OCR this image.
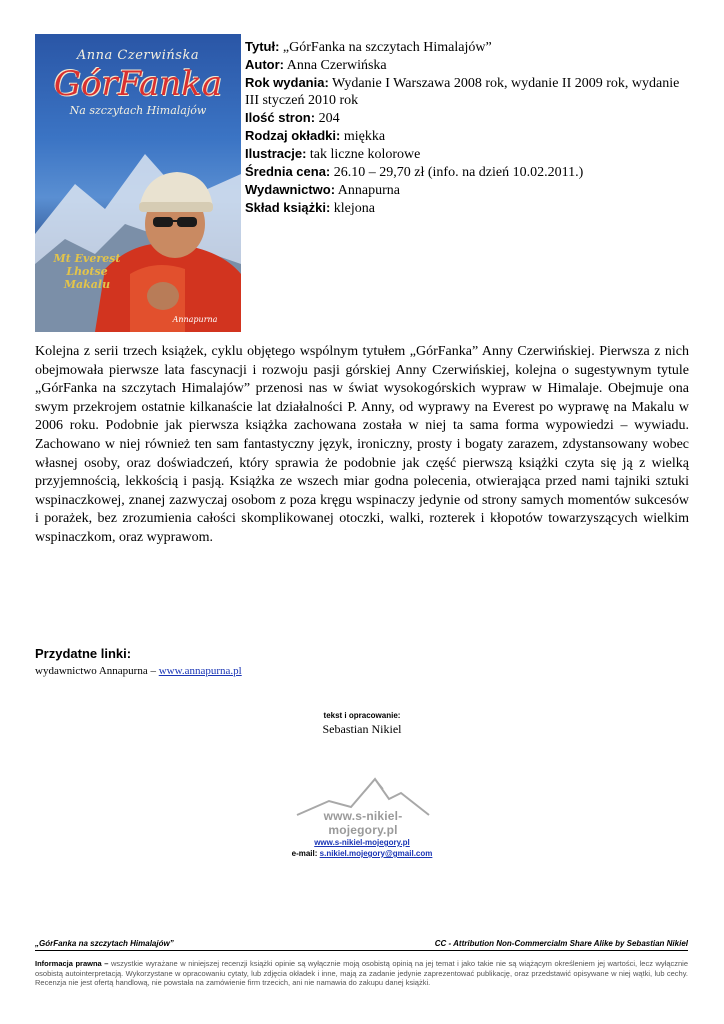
Anna Czerwińska
GórFanka
Na szczytach Himalajów
Mt Everest
Lhotse
Makalu
Annapurna
Tytuł: „GórFanka na szczytach Himalajów”
Autor: Anna Czerwińska
Rok wydania: Wydanie I Warszawa 2008 rok, wydanie II 2009 rok, wydanie III styczeń 2010 rok
Ilość stron: 204
Rodzaj okładki: miękka
Ilustracje: tak liczne kolorowe
Średnia cena: 26.10 – 29,70 zł (info. na dzień 10.02.2011.)
Wydawnictwo: Annapurna
Skład książki: klejona

Kolejna z serii trzech książek, cyklu objętego wspólnym tytułem „GórFanka” Anny Czerwińskiej. Pierwsza z nich obejmowała pierwsze lata fascynacji i rozwoju pasji górskiej Anny Czerwińskiej, kolejna o sugestywnym tytule „GórFanka na szczytach Himalajów” przenosi nas w świat wysokogórskich wypraw w Himalaje. Obejmuje ona swym przekrojem ostatnie kilkanaście lat działalności P. Anny, od wyprawy na Everest po wyprawę na Makalu w 2006 roku. Podobnie jak pierwsza książka zachowana została w niej ta sama forma wypowiedzi – wywiadu. Zachowano w niej również ten sam fantastyczny język, ironiczny, prosty i bogaty zarazem, zdystansowany wobec własnej osoby, oraz doświadczeń, który sprawia że podobnie jak część pierwszą książki czyta się ją z wielką przyjemnością, lekkością i pasją. Książka ze wszech miar godna polecenia, otwierająca przed nami tajniki sztuki wspinaczkowej, znanej zazwyczaj osobom z poza kręgu wspinaczy jedynie od strony samych momentów sukcesów i porażek, bez zrozumienia całości skomplikowanej otoczki, walki, rozterek i kłopotów towarzyszących wielkim wspinaczkom, oraz wyprawom.

Przydatne linki:
wydawnictwo Annapurna – www.annapurna.pl
tekst i opracowanie:
Sebastian Nikiel
www.s-nikiel-mojegory.pl
www.s-nikiel-mojegory.pl
e-mail: s.nikiel.mojegory@gmail.com
„GórFanka na szczytach Himalajów”	CC - Attribution Non-Commercialm Share Alike by Sebastian Nikiel

Informacja prawna – wszystkie wyrażane w niniejszej recenzji książki opinie są wyłącznie moją osobistą opinią na jej temat i jako takie nie są wiążącym określeniem jej wartości, lecz wyłącznie osobistą autointerpretacją. Wykorzystane w opracowaniu cytaty, lub zdjęcia okładek i inne, mają za zadanie jedynie zaprezentować publikację, oraz przedstawić opisywane w niej wątki, lub cechy. Recenzja nie jest ofertą handlową, nie powstała na zamówienie firm trzecich, ani nie namawia do zakupu danej książki.
